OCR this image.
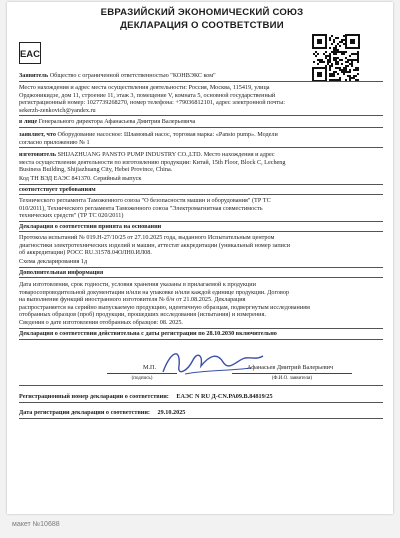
EAC
ЕВРАЗИЙСКИЙ ЭКОНОМИЧЕСКИЙ СОЮЗ
ДЕКЛАРАЦИЯ О СООТВЕТСТВИИ

Заявитель Общество с ограниченной ответственностью "КОНВЭКС ком"

Место нахождения и адрес места осуществления деятельности: Россия, Москва, 115419, улица

Орджоникидзе, дом 11, строение 11, этаж 3, помещение V, комната 5, основной государственный

регистрационный номер: 1027739268270, номер телефона: +79036812101, адрес электронной почты:

sekerzh-zenkovich@yandex.ru

в лице Генерального директора Афанасьева Дмитрия Валерьевича

заявляет, что Оборудование насосное: Шламовый насос, торговая марка: «Pansto pump». Модели

согласно приложению № 1

изготовитель SHIJAZHUANG PANSTO PUMP INDUSTRY CO.,LTD. Место нахождения и адрес

места осуществления деятельности по изготовлению продукции: Китай, 15th Floor, Block C, Lecheng

Business Building, Shijiazhuang City, Hebei Province, China.

Код ТН ВЭД ЕАЭС 841370. Серийный выпуск

соответствует требованиям

Технического регламента Таможенного союза "О безопасности машин и оборудования" (ТР ТС

010/2011), Технического регламента Таможенного союза "Электромагнитная совместимость

технических средств" (ТР ТС 020/2011)

Декларация о соответствии принята на основании

Протокола испытаний № 019.Н-27/10/25 от 27.10.2025 года, выданного Испытательным центром

диагностики электротехнических изделий и машин, аттестат аккредитации (уникальный номер записи

об аккредитации) РОСС RU.31578.04ОЛН0.ИЛ08.

Схема декларирования 1д

Дополнительная информация

Дата изготовления, срок годности, условия хранения указаны в прилагаемой к продукции

товаросопроводительной документации и/или на упаковке и/или каждой единице продукции. Договор

на выполнение функций иностранного изготовителя № б/н от 21.08.2025. Декларация

распространяется на серийно выпускаемую продукцию, идентичную образцам, подвергнутым исследованиям

отобранных образцов (проб) продукции, прошедших исследования (испытания) и измерения.

Сведения о дате изготовления отобранных образцов: 08. 2025.

Декларация о соответствии действительна с даты регистрации по 28.10.2030 включительно

М.П.

(подпись)

Афанасьев Дмитрий Валерьевич

(Ф.И.О. заявителя)

Регистрационный номер декларации о соответствии: ЕАЭС N RU Д-CN.РА09.В.84819/25

Дата регистрации декларации о соответствии: 29.10.2025

макет №10688
